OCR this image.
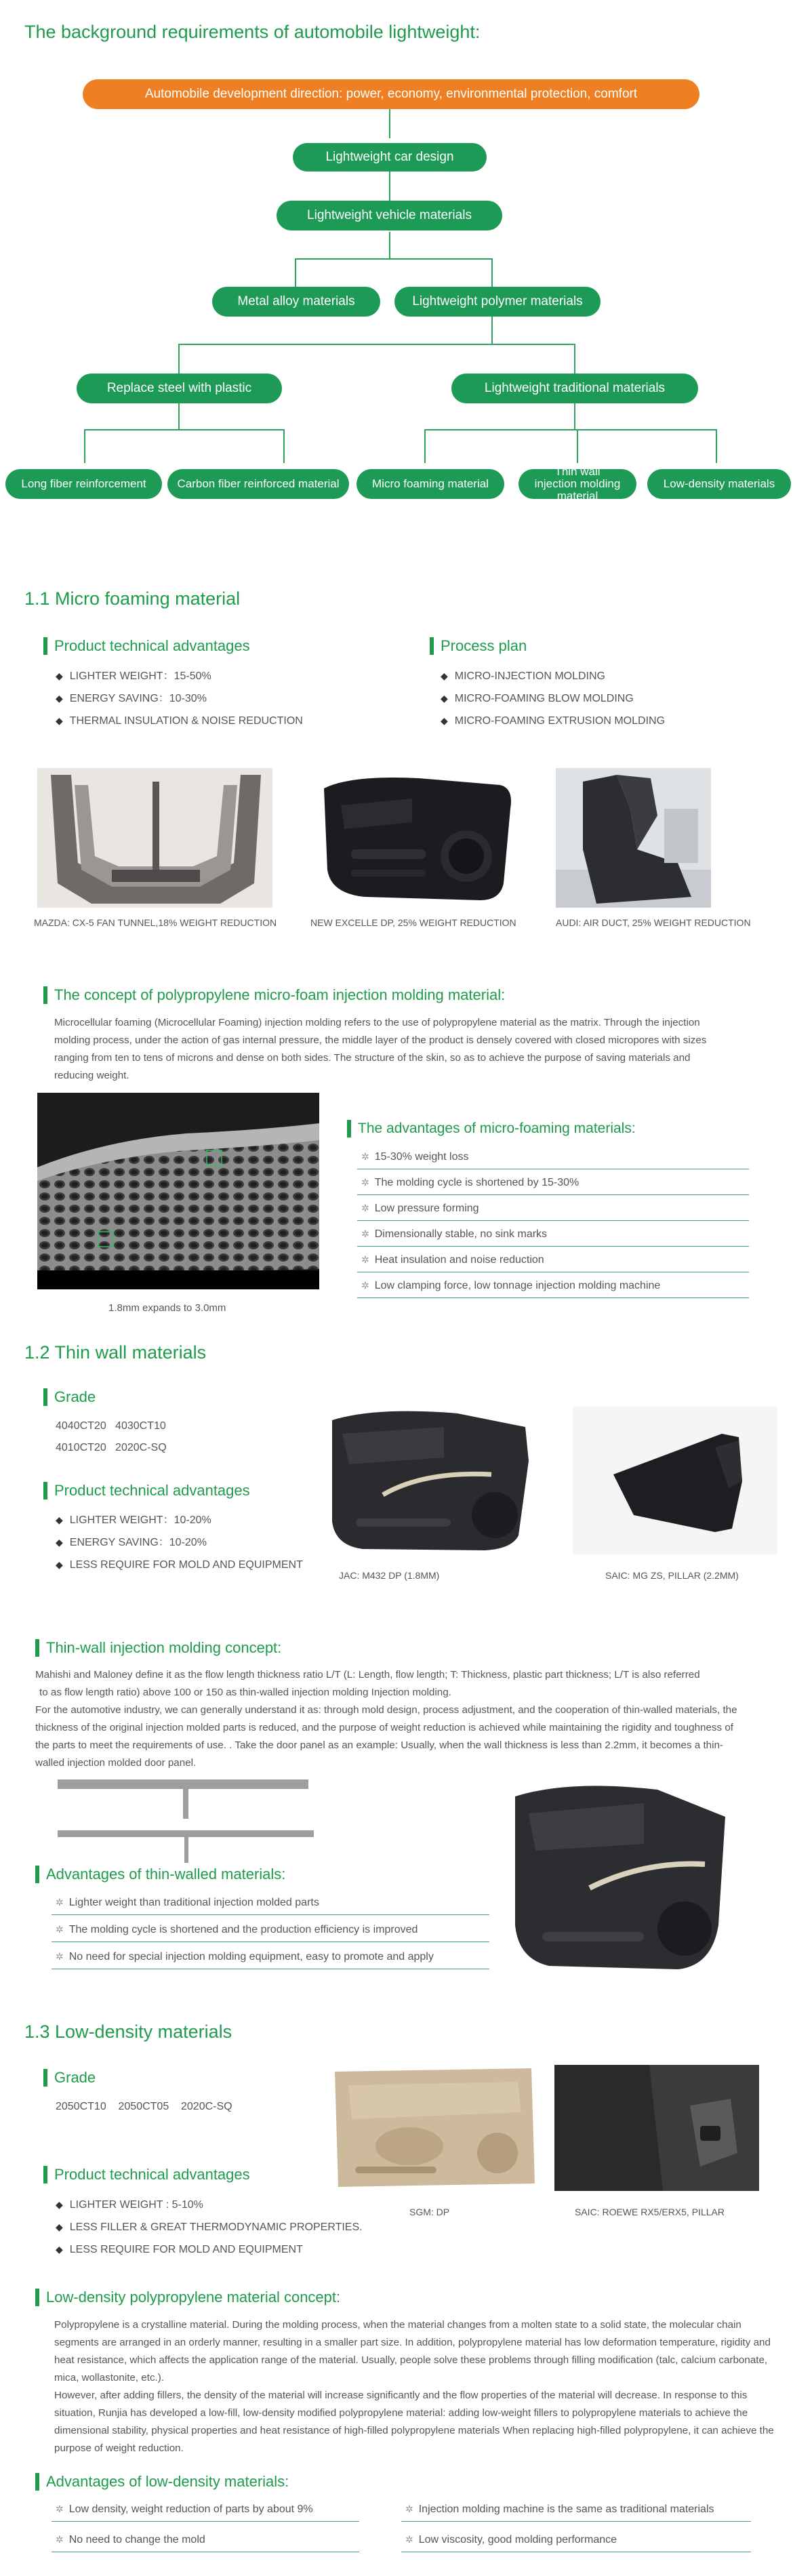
The background requirements of automobile lightweight:
Automobile development direction: power, economy, environmental protection, comfort
Lightweight car design
Lightweight vehicle materials
Metal alloy materials	Lightweight polymer materials
Replace steel with plastic	Lightweight traditional materials
Long fiber reinforcement	Carbon fiber reinforced material	Micro foaming material
Thin wall injection molding material
Low-density materials
1.1 Micro foaming material
Product technical advantages
◆ LIGHTER WEIGHT：15-50%
◆ ENERGY SAVING：10-30%
◆ THERMAL INSULATION & NOISE REDUCTION
Process plan
◆ MICRO-INJECTION MOLDING
◆ MICRO-FOAMING BLOW MOLDING
◆ MICRO-FOAMING EXTRUSION MOLDING
MAZDA: CX-5 FAN TUNNEL,18% WEIGHT REDUCTION	NEW EXCELLE DP, 25% WEIGHT REDUCTION	AUDI: AIR DUCT, 25% WEIGHT REDUCTION
The concept of polypropylene micro-foam injection molding material:
Microcellular foaming (Microcellular Foaming) injection molding refers to the use of polypropylene material as the matrix. Through the injection molding process, under the action of gas internal pressure, the middle layer of the product is densely covered with closed micropores with sizes ranging from ten to tens of microns and dense on both sides. The structure of the skin, so as to achieve the purpose of saving materials and reducing weight.
1.8mm expands to 3.0mm
The advantages of micro-foaming materials:
✲ 15-30% weight loss
✲ The molding cycle is shortened by 15-30%
✲ Low pressure forming
✲ Dimensionally stable, no sink marks
✲ Heat insulation and noise reduction
✲ Low clamping force, low tonnage injection molding machine
1.2 Thin wall materials
Grade
4040CT20   4030CT10
4010CT20   2020C-SQ
Product technical advantages
◆ LIGHTER WEIGHT：10-20%
◆ ENERGY SAVING：10-20%
◆ LESS REQUIRE FOR MOLD AND EQUIPMENT
JAC: M432 DP (1.8MM)	SAIC: MG ZS, PILLAR (2.2MM)
Thin-wall injection molding concept:
Mahishi and Maloney define it as the flow length thickness ratio L/T (L: Length, flow length; T: Thickness, plastic part thickness; L/T is also referred
to as flow length ratio) above 100 or 150 as thin-walled injection molding Injection molding.
For the automotive industry, we can generally understand it as: through mold design, process adjustment, and the cooperation of thin-walled materials, the thickness of the original injection molded parts is reduced, and the purpose of weight reduction is achieved while maintaining the rigidity and toughness of the parts to meet the requirements of use. . Take the door panel as an example: Usually, when the wall thickness is less than 2.2mm, it becomes a thin-walled injection molded door panel.
Advantages of thin-walled materials:
✲ Lighter weight than traditional injection molded parts
✲ The molding cycle is shortened and the production efficiency is improved
✲ No need for special injection molding equipment, easy to promote and apply
1.3 Low-density materials
Grade
2050CT10    2050CT05    2020C-SQ
Product technical advantages
◆ LIGHTER WEIGHT : 5-10%
◆ LESS FILLER & GREAT THERMODYNAMIC PROPERTIES.
◆ LESS REQUIRE FOR MOLD AND EQUIPMENT
SGM: DP	SAIC: ROEWE RX5/ERX5, PILLAR
Low-density polypropylene material concept:
Polypropylene is a crystalline material. During the molding process, when the material changes from a molten state to a solid state, the molecular chain segments are arranged in an orderly manner, resulting in a smaller part size. In addition, polypropylene material has low deformation temperature, rigidity and heat resistance, which affects the application range of the material. Usually, people solve these problems through filling modification (talc, calcium carbonate, mica, wollastonite, etc.).
However, after adding fillers, the density of the material will increase significantly and the flow properties of the material will decrease. In response to this situation, Runjia has developed a low-fill, low-density modified polypropylene material: adding low-weight fillers to polypropylene materials to achieve the dimensional stability, physical properties and heat resistance of high-filled polypropylene materials When replacing high-filled polypropylene, it can achieve the purpose of weight reduction.
Advantages of low-density materials:
✲ Low density, weight reduction of parts by about 9%	✲ Injection molding machine is the same as traditional materials
✲ No need to change the mold	✲ Low viscosity, good molding performance
